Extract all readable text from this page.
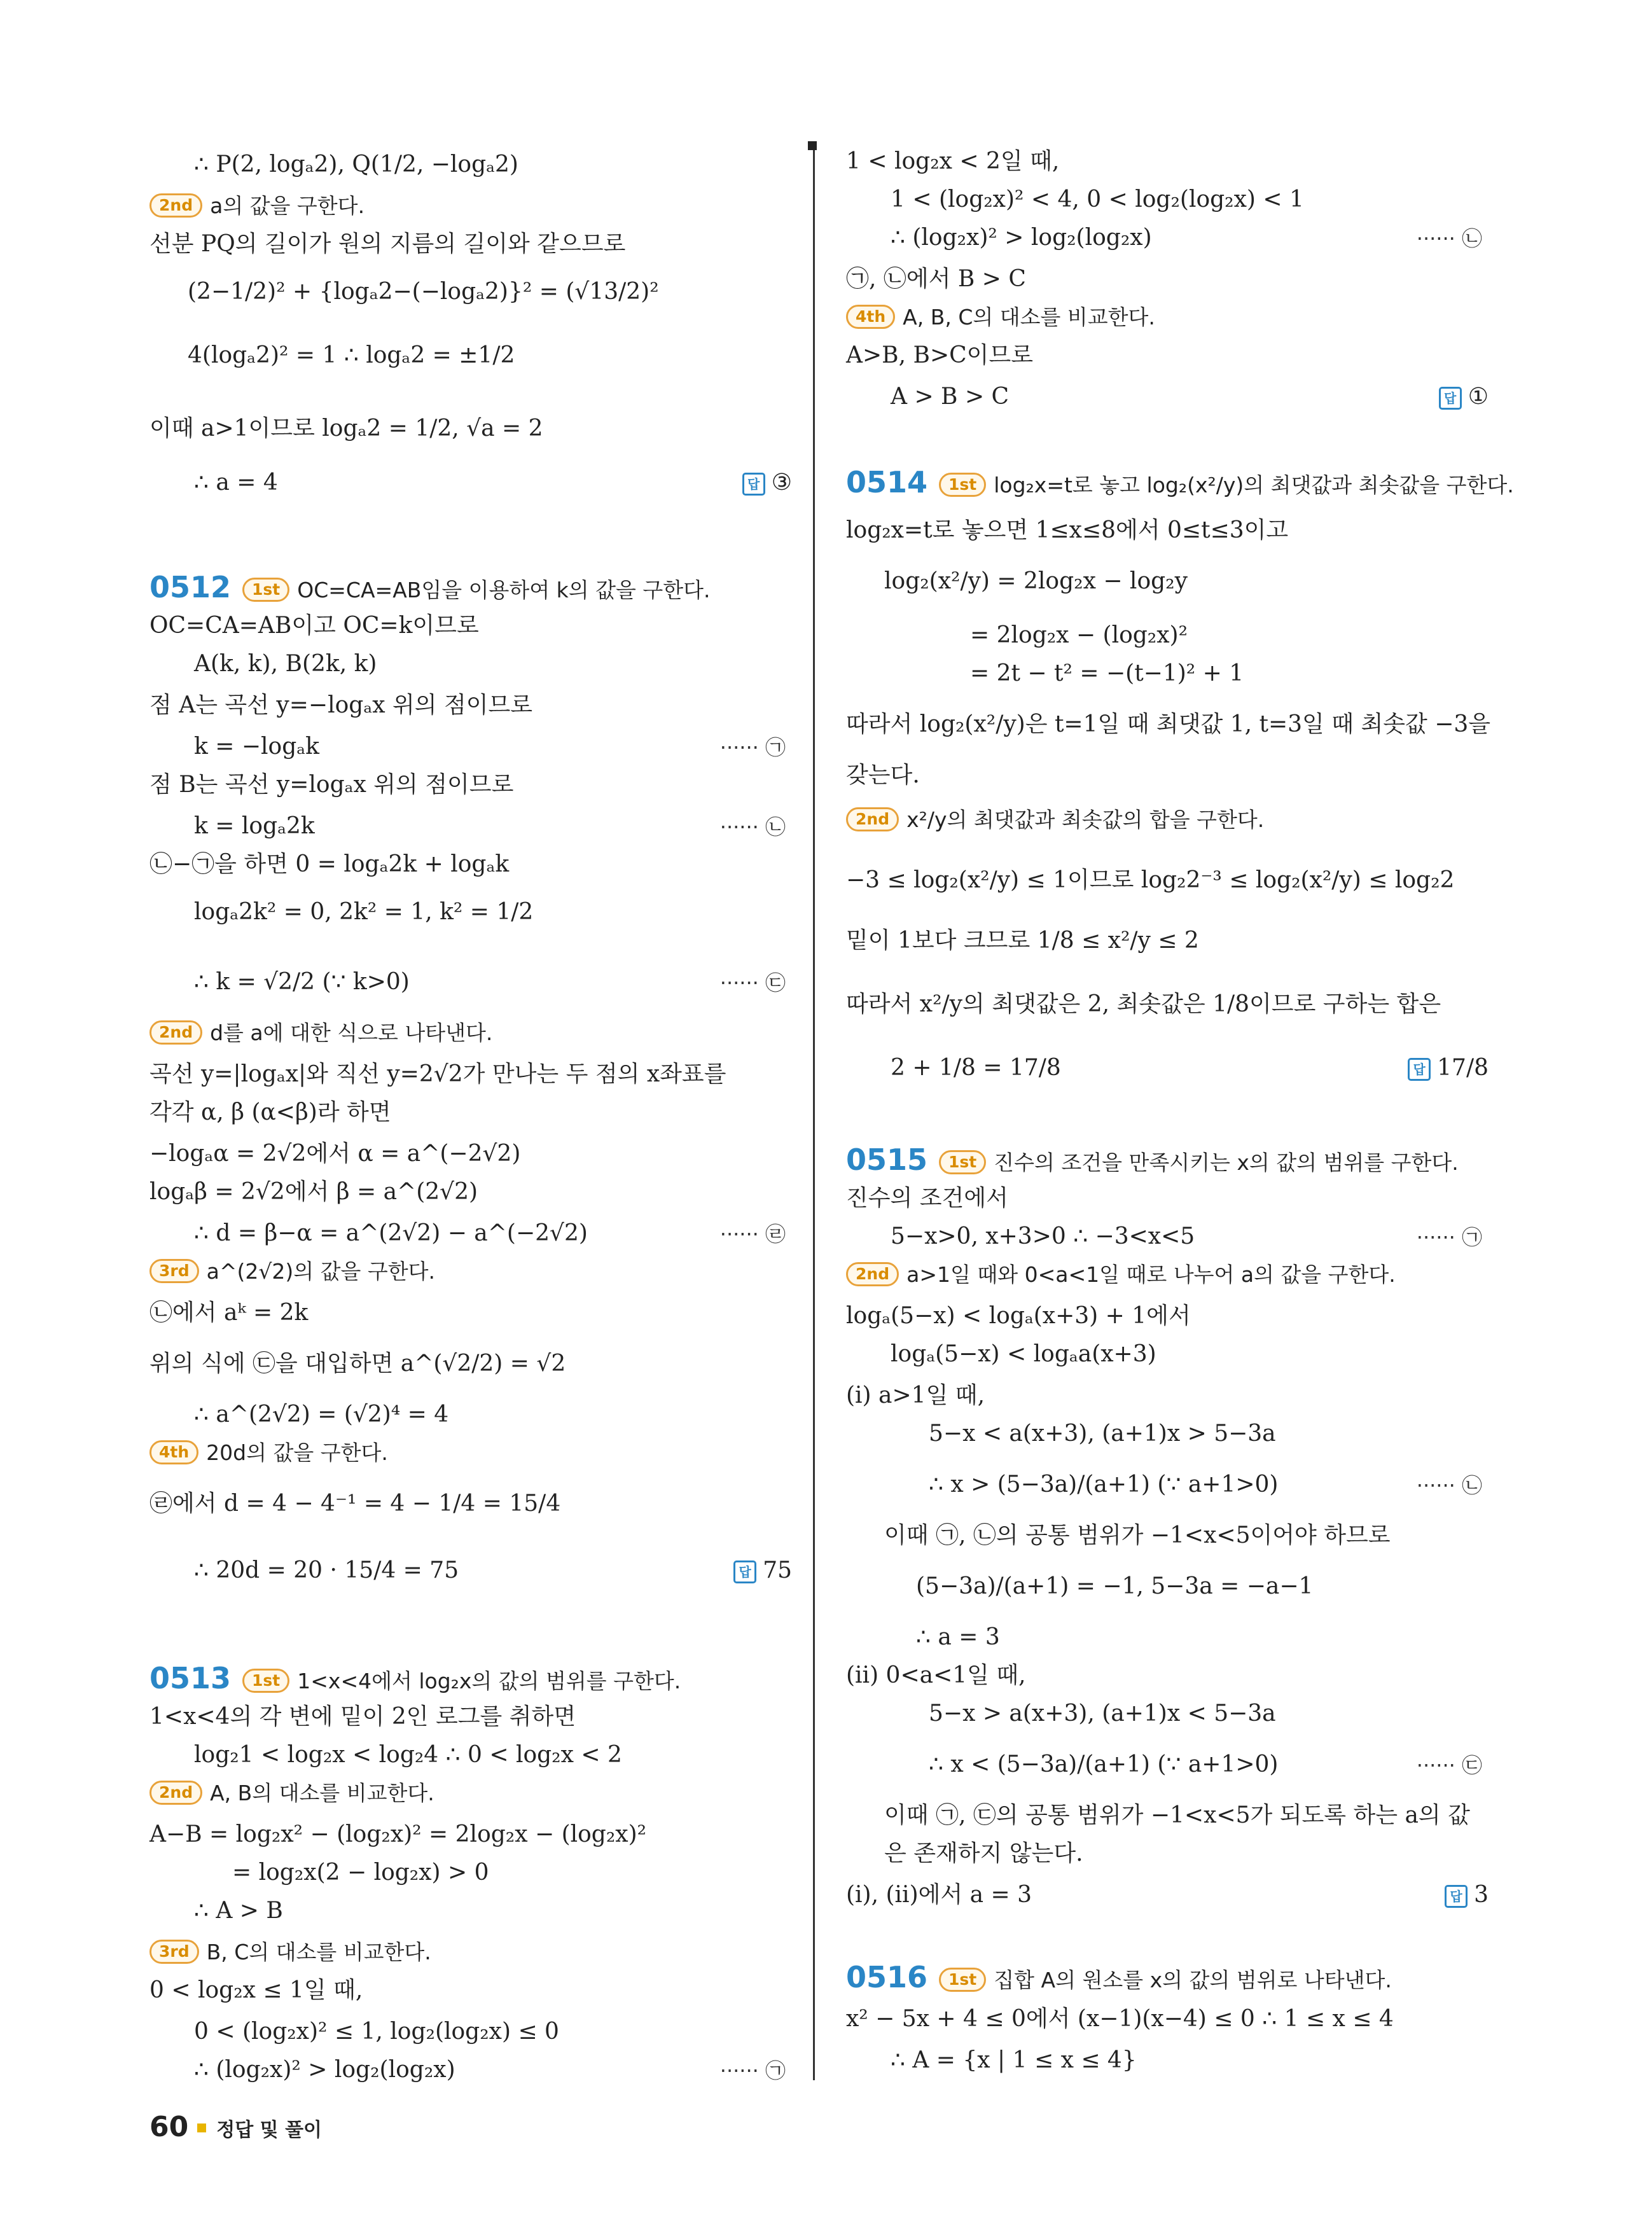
∴ P(2, logₐ2), Q(1/2, −logₐ2)
2nd a의 값을 구한다.
선분 PQ의 길이가 원의 지름의 길이와 같으므로
(2−1/2)² + {logₐ2−(−logₐ2)}² = (√13/2)²
4(logₐ2)² = 1 ∴ logₐ2 = ±1/2
이때 a>1이므로 logₐ2 = 1/2, √a = 2
∴ a = 4	답 ③
0512 1st OC=CA=AB임을 이용하여 k의 값을 구한다.
OC=CA=AB이고 OC=k이므로
A(k, k), B(2k, k)
점 A는 곡선 y=−logₐx 위의 점이므로
k = −logₐk	······ ㉠
점 B는 곡선 y=logₐx 위의 점이므로
k = logₐ2k	······ ㉡
㉡−㉠을 하면 0 = logₐ2k + logₐk
logₐ2k² = 0, 2k² = 1, k² = 1/2
∴ k = √2/2 (∵ k>0)	······ ㉢
2nd d를 a에 대한 식으로 나타낸다.
곡선 y=|logₐx|와 직선 y=2√2가 만나는 두 점의 x좌표를
각각 α, β (α<β)라 하면
−logₐα = 2√2에서 α = a^(−2√2)
logₐβ = 2√2에서 β = a^(2√2)
∴ d = β−α = a^(2√2) − a^(−2√2)	······ ㉣
3rd a^(2√2)의 값을 구한다.
㉡에서 aᵏ = 2k
위의 식에 ㉢을 대입하면 a^(√2/2) = √2
∴ a^(2√2) = (√2)⁴ = 4
4th 20d의 값을 구한다.
㉣에서 d = 4 − 4⁻¹ = 4 − 1/4 = 15/4
∴ 20d = 20 · 15/4 = 75	답 75
0513 1st 1<x<4에서 log₂x의 값의 범위를 구한다.
1<x<4의 각 변에 밑이 2인 로그를 취하면
log₂1 < log₂x < log₂4 ∴ 0 < log₂x < 2
2nd A, B의 대소를 비교한다.
A−B = log₂x² − (log₂x)² = 2log₂x − (log₂x)²
= log₂x(2 − log₂x) > 0
∴ A > B
3rd B, C의 대소를 비교한다.
0 < log₂x ≤ 1일 때,
0 < (log₂x)² ≤ 1, log₂(log₂x) ≤ 0
∴ (log₂x)² > log₂(log₂x)	······ ㉠
1 < log₂x < 2일 때,
1 < (log₂x)² < 4, 0 < log₂(log₂x) < 1
∴ (log₂x)² > log₂(log₂x)	······ ㉡
㉠, ㉡에서 B > C
4th A, B, C의 대소를 비교한다.
A>B, B>C이므로
A > B > C	답 ①
0514 1st log₂x=t로 놓고 log₂(x²/y)의 최댓값과 최솟값을 구한다.
log₂x=t로 놓으면 1≤x≤8에서 0≤t≤3이고
log₂(x²/y) = 2log₂x − log₂y
= 2log₂x − (log₂x)²
= 2t − t² = −(t−1)² + 1
따라서 log₂(x²/y)은 t=1일 때 최댓값 1, t=3일 때 최솟값 −3을
갖는다.
2nd x²/y의 최댓값과 최솟값의 합을 구한다.
−3 ≤ log₂(x²/y) ≤ 1이므로 log₂2⁻³ ≤ log₂(x²/y) ≤ log₂2
밑이 1보다 크므로 1/8 ≤ x²/y ≤ 2
따라서 x²/y의 최댓값은 2, 최솟값은 1/8이므로 구하는 합은
2 + 1/8 = 17/8	답 17/8
0515 1st 진수의 조건을 만족시키는 x의 값의 범위를 구한다.
진수의 조건에서
5−x>0, x+3>0 ∴ −3<x<5	······ ㉠
2nd a>1일 때와 0<a<1일 때로 나누어 a의 값을 구한다.
logₐ(5−x) < logₐ(x+3) + 1에서
logₐ(5−x) < logₐa(x+3)
(i) a>1일 때,
5−x < a(x+3), (a+1)x > 5−3a
∴ x > (5−3a)/(a+1) (∵ a+1>0)	······ ㉡
이때 ㉠, ㉡의 공통 범위가 −1<x<5이어야 하므로
(5−3a)/(a+1) = −1, 5−3a = −a−1
∴ a = 3
(ii) 0<a<1일 때,
5−x > a(x+3), (a+1)x < 5−3a
∴ x < (5−3a)/(a+1) (∵ a+1>0)	······ ㉢
이때 ㉠, ㉢의 공통 범위가 −1<x<5가 되도록 하는 a의 값
은 존재하지 않는다.
(i), (ii)에서 a = 3	답 3
0516 1st 집합 A의 원소를 x의 값의 범위로 나타낸다.
x² − 5x + 4 ≤ 0에서 (x−1)(x−4) ≤ 0 ∴ 1 ≤ x ≤ 4
∴ A = {x | 1 ≤ x ≤ 4}
60 정답 및 풀이
